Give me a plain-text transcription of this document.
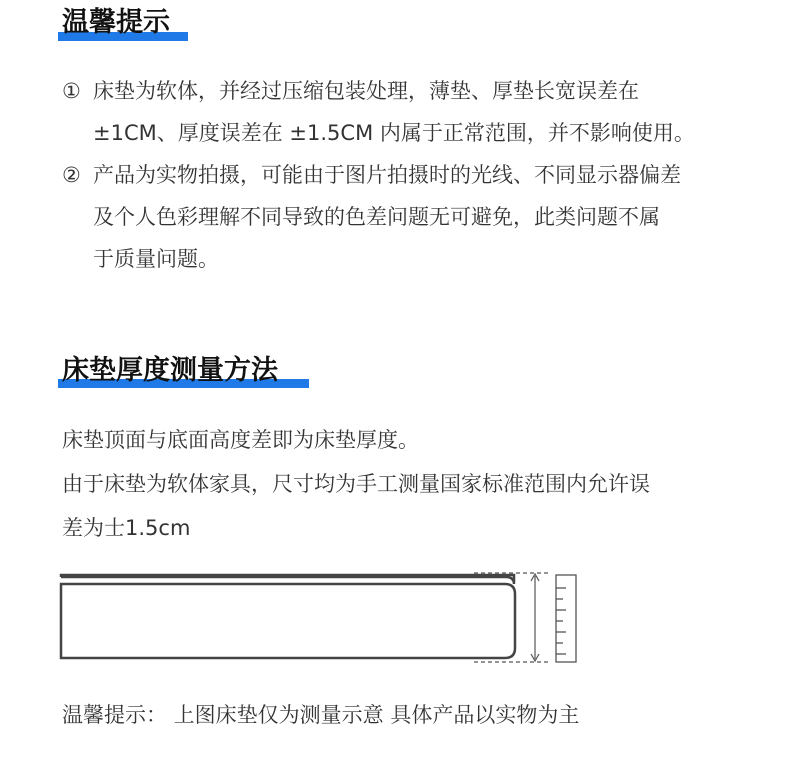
温馨提示
① 床垫为软体，并经过压缩包装处理，薄垫、厚垫长宽误差在
±1CM、厚度误差在 ±1.5CM 内属于正常范围，并不影响使用。
② 产品为实物拍摄，可能由于图片拍摄时的光线、不同显示器偏差
及个人色彩理解不同导致的色差问题无可避免，此类问题不属
于质量问题。
床垫厚度测量方法
床垫顶面与底面高度差即为床垫厚度。
由于床垫为软体家具，尺寸均为手工测量国家标准范围内允许误
差为士1.5cm
温馨提示： 上图床垫仅为测量示意 具体产品以实物为主
